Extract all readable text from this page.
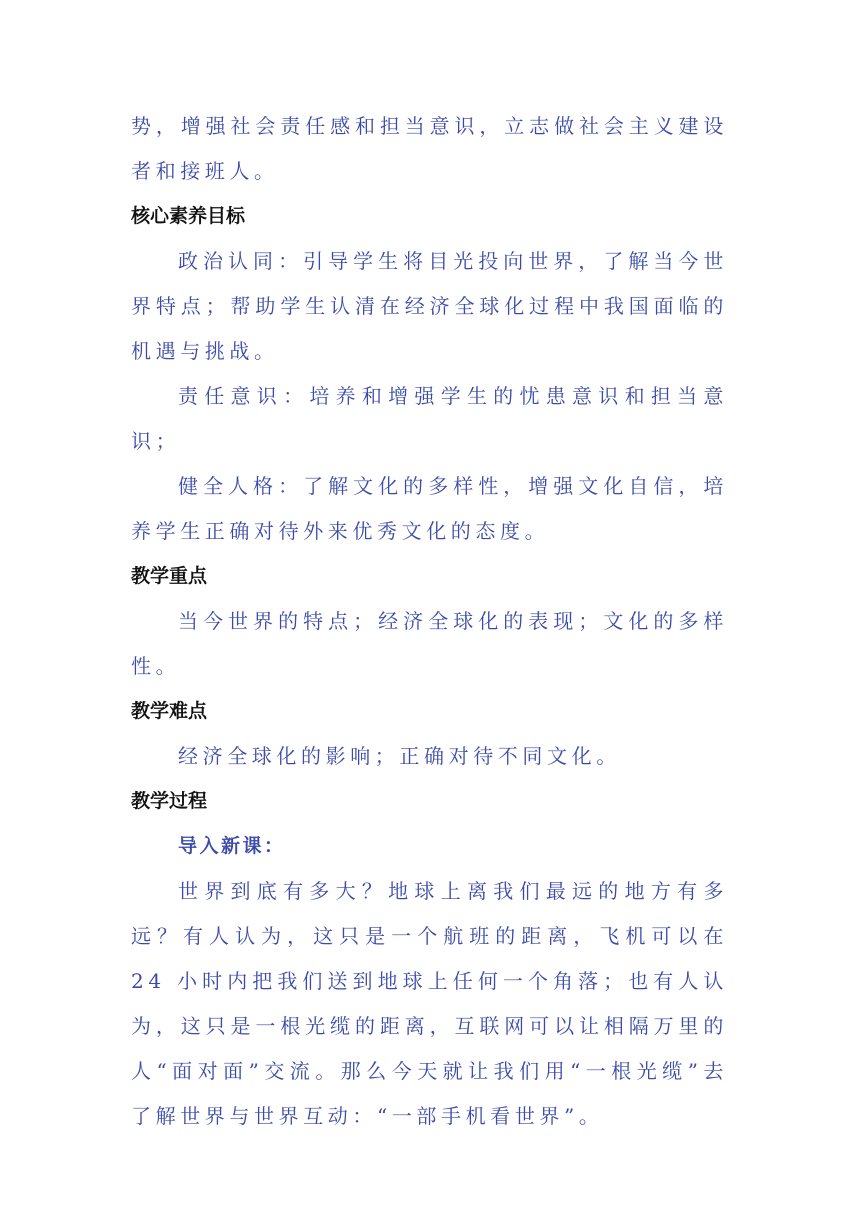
势，增强社会责任感和担当意识，立志做社会主义建设者和接班人。

核心素养目标

政治认同：引导学生将目光投向世界，了解当今世界特点；帮助学生认清在经济全球化过程中我国面临的机遇与挑战。

责任意识：培养和增强学生的忧患意识和担当意识；

健全人格：了解文化的多样性，增强文化自信，培养学生正确对待外来优秀文化的态度。

教学重点

当今世界的特点；经济全球化的表现；文化的多样性。

教学难点

经济全球化的影响；正确对待不同文化。

教学过程

导入新课：

世界到底有多大？地球上离我们最远的地方有多远？有人认为，这只是一个航班的距离，飞机可以在 24 小时内把我们送到地球上任何一个角落；也有人认为，这只是一根光缆的距离，互联网可以让相隔万里的人“面对面”交流。那么今天就让我们用“一根光缆”去了解世界与世界互动：“一部手机看世界”。
